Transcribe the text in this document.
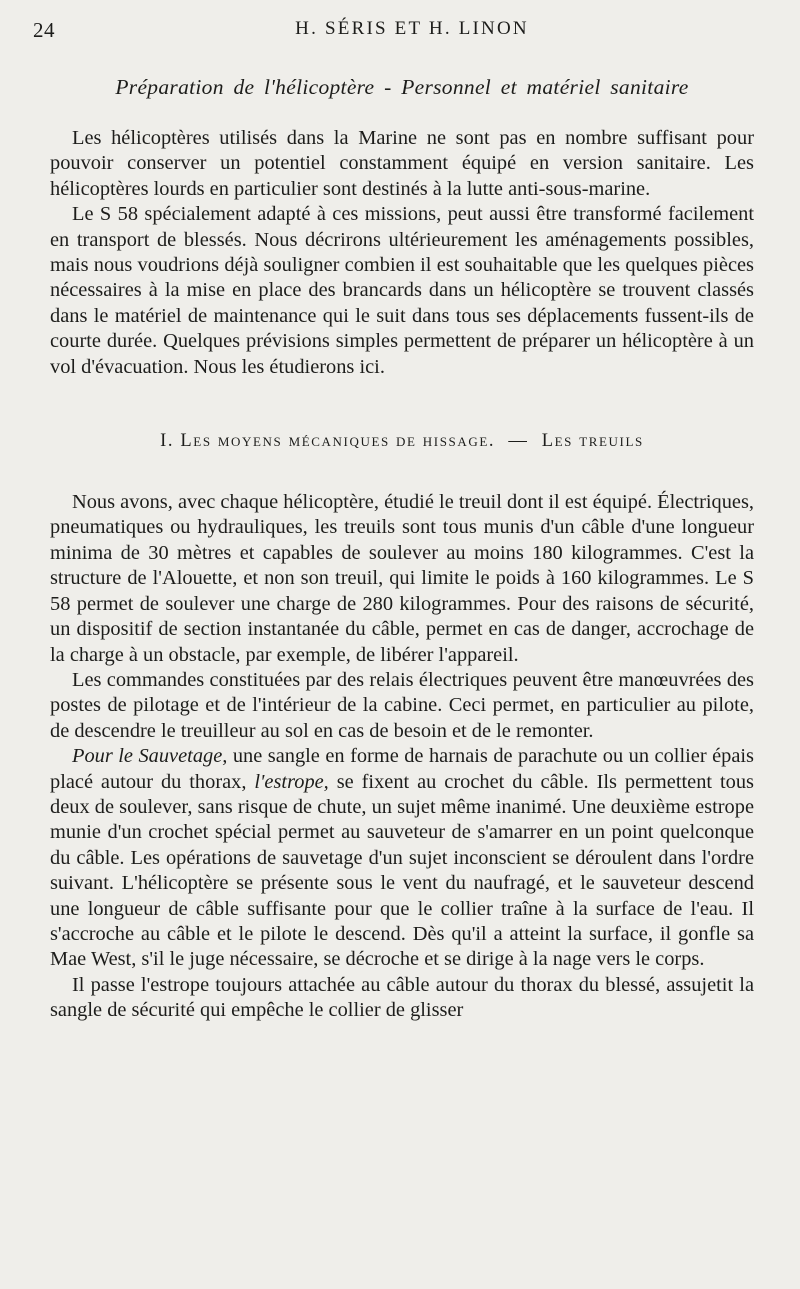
24	H. SÉRIS ET H. LINON
Préparation de l'hélicoptère - Personnel et matériel sanitaire

Les hélicoptères utilisés dans la Marine ne sont pas en nombre suffisant pour pouvoir conserver un potentiel constamment équipé en version sanitaire. Les hélicoptères lourds en particulier sont destinés à la lutte anti-sous-marine.

Le S 58 spécialement adapté à ces missions, peut aussi être transformé facilement en transport de blessés. Nous décrirons ultérieurement les aménagements possibles, mais nous voudrions déjà souligner combien il est souhaitable que les quelques pièces nécessaires à la mise en place des brancards dans un hélicoptère se trouvent classés dans le matériel de maintenance qui le suit dans tous ses déplacements fussent-ils de courte durée. Quelques prévisions simples permettent de préparer un hélicoptère à un vol d'évacuation. Nous les étudierons ici.

I. Les moyens mécaniques de hissage. — Les treuils

Nous avons, avec chaque hélicoptère, étudié le treuil dont il est équipé. Électriques, pneumatiques ou hydrauliques, les treuils sont tous munis d'un câble d'une longueur minima de 30 mètres et capables de soulever au moins 180 kilogrammes. C'est la structure de l'Alouette, et non son treuil, qui limite le poids à 160 kilogrammes. Le S 58 permet de soulever une charge de 280 kilogrammes. Pour des raisons de sécurité, un dispositif de section instantanée du câble, permet en cas de danger, accrochage de la charge à un obstacle, par exemple, de libérer l'appareil.

Les commandes constituées par des relais électriques peuvent être manœuvrées des postes de pilotage et de l'intérieur de la cabine. Ceci permet, en particulier au pilote, de descendre le treuilleur au sol en cas de besoin et de le remonter.

Pour le Sauvetage, une sangle en forme de harnais de parachute ou un collier épais placé autour du thorax, l'estrope, se fixent au crochet du câble. Ils permettent tous deux de soulever, sans risque de chute, un sujet même inanimé. Une deuxième estrope munie d'un crochet spécial permet au sauveteur de s'amarrer en un point quelconque du câble. Les opérations de sauvetage d'un sujet inconscient se déroulent dans l'ordre suivant. L'hélicoptère se présente sous le vent du naufragé, et le sauveteur descend une longueur de câble suffisante pour que le collier traîne à la surface de l'eau. Il s'accroche au câble et le pilote le descend. Dès qu'il a atteint la surface, il gonfle sa Mae West, s'il le juge nécessaire, se décroche et se dirige à la nage vers le corps.

Il passe l'estrope toujours attachée au câble autour du thorax du blessé, assujetit la sangle de sécurité qui empêche le collier de glisser
